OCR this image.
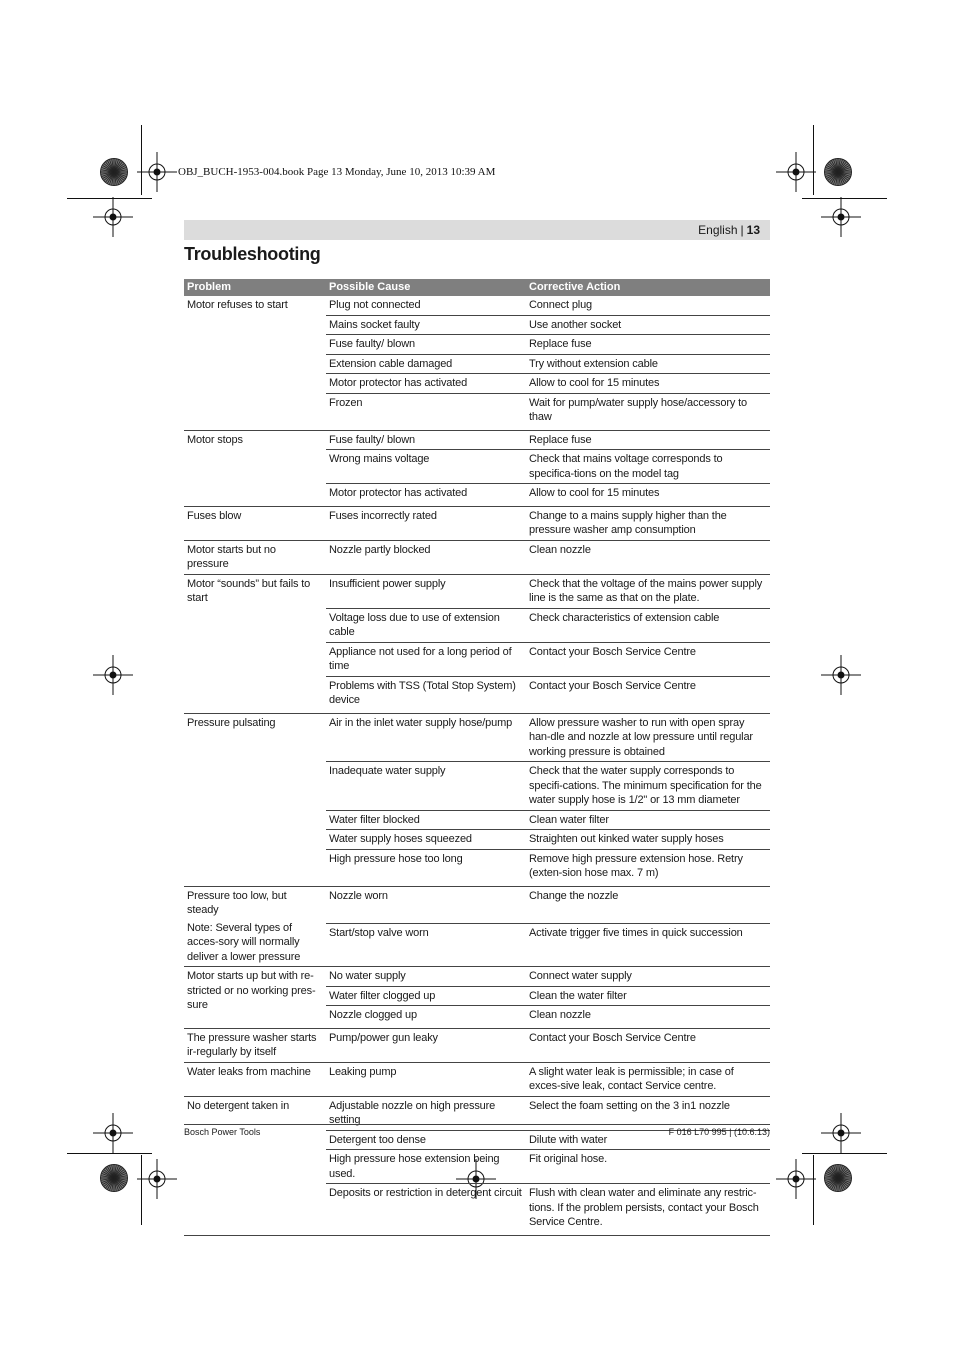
OBJ_BUCH-1953-004.book Page 13 Monday, June 10, 2013 10:39 AM
English | 13
Troubleshooting
Problem	Possible Cause	Corrective Action
Motor refuses to start	Plug not connected	Connect plug
	Mains socket faulty	Use another socket
	Fuse faulty/ blown	Replace fuse
	Extension cable damaged	Try without extension cable
	Motor protector has activated	Allow to cool for 15 minutes
	Frozen	Wait for pump/water supply hose/accessory to thaw
Motor stops	Fuse faulty/ blown	Replace fuse
	Wrong mains voltage	Check that mains voltage corresponds to specifica-tions on the model tag
	Motor protector has activated	Allow to cool for 15 minutes
Fuses blow	Fuses incorrectly rated	Change to a mains supply higher than the pressure washer amp consumption
Motor starts but no pressure	Nozzle partly blocked	Clean nozzle
Motor “sounds” but fails to start	Insufficient power supply	Check that the voltage of the mains power supply line is the same as that on the plate.
	Voltage loss due to use of extension cable	Check characteristics of extension cable
	Appliance not used for a long period of time	Contact your Bosch Service Centre
	Problems with TSS (Total Stop System) device	Contact your Bosch Service Centre
Pressure pulsating	Air in the inlet water supply hose/pump	Allow pressure washer to run with open spray han-dle and nozzle at low pressure until regular working pressure is obtained
	Inadequate water supply	Check that the water supply corresponds to specifi-cations. The minimum specification for the water supply hose is 1/2" or 13 mm diameter
	Water filter blocked	Clean water filter
	Water supply hoses squeezed	Straighten out kinked water supply hoses
	High pressure hose too long	Remove high pressure extension hose. Retry (exten-sion hose max. 7 m)
Pressure too low, but steady
Note: Several types of acces-sory will normally deliver a lower pressure	Nozzle worn	Change the nozzle
	Start/stop valve worn	Activate trigger five times in quick succession
Motor starts up but with re-stricted or no working pres-sure	No water supply	Connect water supply
	Water filter clogged up	Clean the water filter
	Nozzle clogged up	Clean nozzle
The pressure washer starts ir-regularly by itself	Pump/power gun leaky	Contact your Bosch Service Centre
Water leaks from machine	Leaking pump	A slight water leak is permissible; in case of exces-sive leak, contact Service centre.
No detergent taken in	Adjustable nozzle on high pressure setting	Select the foam setting on the 3 in1 nozzle
	Detergent too dense	Dilute with water
	High pressure hose extension being used.	Fit original hose.
	Deposits or restriction in detergent circuit	Flush with clean water and eliminate any restric-tions. If the problem persists, contact your Bosch Service Centre.
Bosch Power Tools	F 016 L70 995 | (10.6.13)
